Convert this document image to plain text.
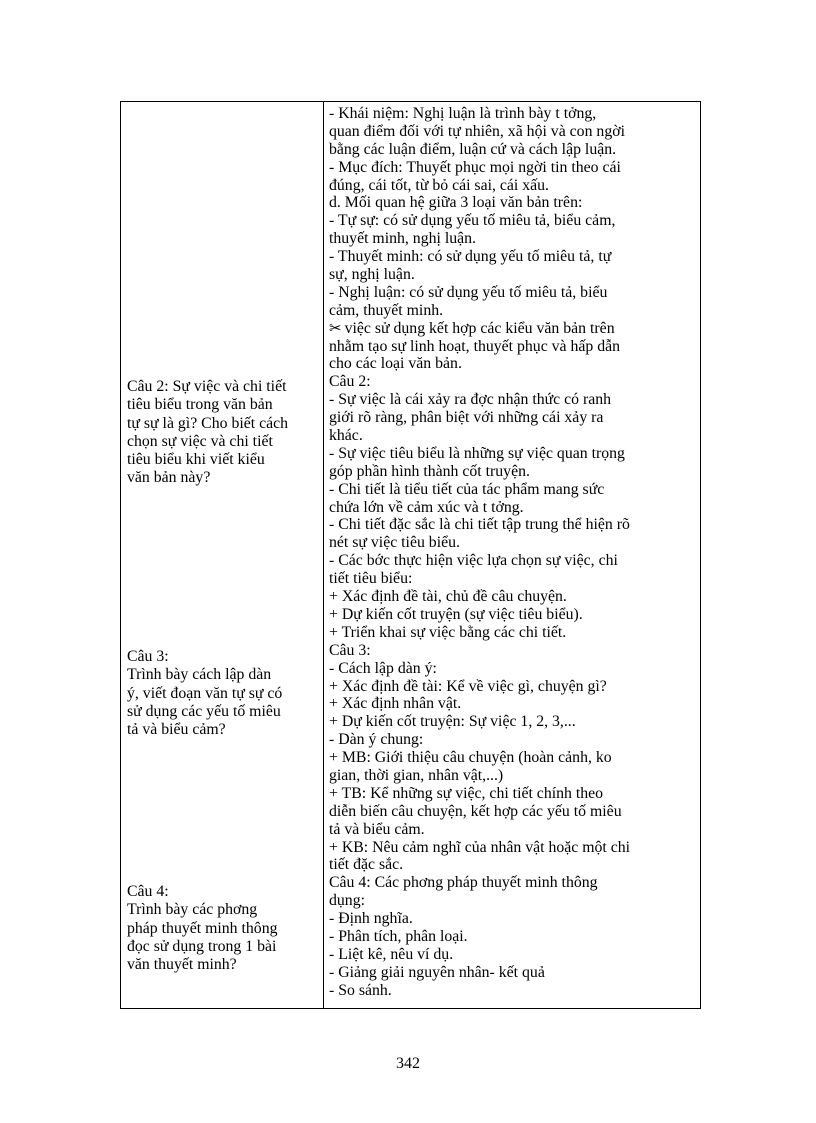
Câu 2: Sự việc và chi tiết
tiêu biểu trong văn bản
tự sự là gì? Cho biết cách
chọn sự việc và chi tiết
tiêu biểu khi viết kiểu
văn bản này?
Câu 3:
Trình bày cách lập dàn
ý, viết đoạn văn tự sự có
sử dụng các yếu tố miêu
tả và biểu cảm?
Câu 4:
Trình bày các phơng
pháp thuyết minh thông
đọc sử dụng trong 1 bài
văn thuyết minh?
- Khái niệm: Nghị luận là trình bày t tởng,
quan điểm đối với tự nhiên, xã hội và con ngời
bằng các luận điểm, luận cứ và cách lập luận.
- Mục đích: Thuyết phục mọi ngời tin theo cái
đúng, cái tốt, từ bỏ cái sai, cái xấu.
d. Mối quan hệ giữa 3 loại văn bản trên:
- Tự sự: có sử dụng yếu tố miêu tả, biểu cảm,
thuyết minh, nghị luận.
- Thuyết minh: có sử dụng yếu tố miêu tả, tự
sự, nghị luận.
- Nghị luận: có sử dụng yếu tố miêu tả, biểu
cảm, thuyết minh.
✂ việc sử dụng kết hợp các kiểu văn bản trên
nhằm tạo sự linh hoạt, thuyết phục và hấp dẫn
cho các loại văn bản.
Câu 2:
- Sự việc là cái xảy ra đợc nhận thức có ranh
giới rõ ràng, phân biệt với những cái xảy ra
khác.
- Sự việc tiêu biểu là những sự việc quan trọng
góp phần hình thành cốt truyện.
- Chi tiết là tiểu tiết của tác phẩm mang sức
chứa lớn về cảm xúc và t tởng.
- Chi tiết đặc sắc là chi tiết tập trung thể hiện rõ
nét sự việc tiêu biểu.
- Các bớc thực hiện việc lựa chọn sự việc, chi
tiết tiêu biểu:
+ Xác định đề tài, chủ đề câu chuyện.
+ Dự kiến cốt truyện (sự việc tiêu biểu).
+ Triển khai sự việc bằng các chi tiết.
Câu 3:
- Cách lập dàn ý:
+ Xác định đề tài: Kể về việc gì, chuyện gì?
+ Xác định nhân vật.
+ Dự kiến cốt truyện: Sự việc 1, 2, 3,...
- Dàn ý chung:
+ MB: Giới thiệu câu chuyện (hoàn cảnh, ko
gian, thời gian, nhân vật,...)
+ TB: Kể những sự việc, chi tiết chính theo
diễn biến câu chuyện, kết hợp các yếu tố miêu
tả và biểu cảm.
+ KB: Nêu cảm nghĩ của nhân vật hoặc một chi
tiết đặc sắc.
Câu 4: Các phơng pháp thuyết minh thông
dụng:
- Định nghĩa.
- Phân tích, phân loại.
- Liệt kê, nêu ví dụ.
- Giảng giải nguyên nhân- kết quả
- So sánh.
342
